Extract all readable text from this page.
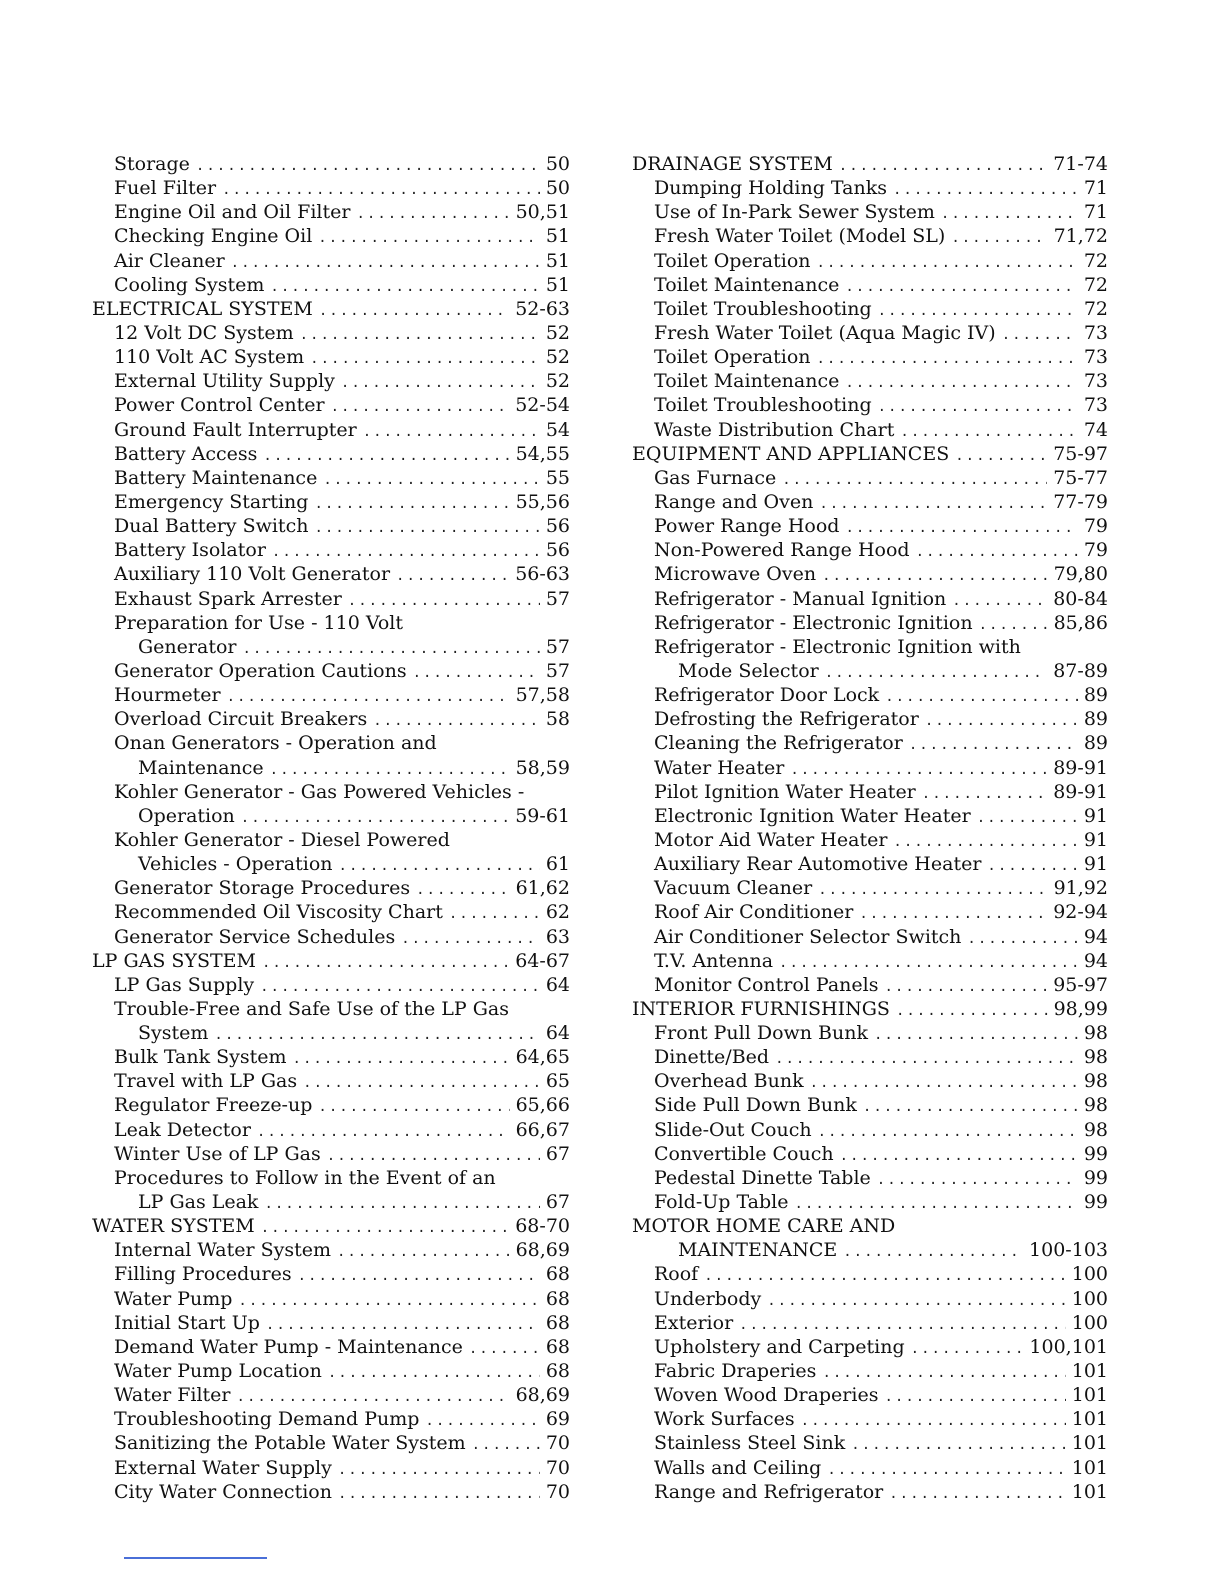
Storage .....	50
Fuel Filter .....	50
Engine Oil and Oil Filter .....	50,51
Checking Engine Oil .....	51
Air Cleaner .....	51
Cooling System .....	51
ELECTRICAL SYSTEM .....	52-63
12 Volt DC System .....	52
110 Volt AC System .....	52
External Utility Supply .....	52
Power Control Center .....	52-54
Ground Fault Interrupter .....	54
Battery Access .....	54,55
Battery Maintenance .....	55
Emergency Starting .....	55,56
Dual Battery Switch .....	56
Battery Isolator .....	56
Auxiliary 110 Volt Generator .....	56-63
Exhaust Spark Arrester .....	57
Preparation for Use - 110 Volt
Generator .....	57
Generator Operation Cautions .....	57
Hourmeter .....	57,58
Overload Circuit Breakers .....	58
Onan Generators - Operation and
Maintenance .....	58,59
Kohler Generator - Gas Powered Vehicles -
Operation .....	59-61
Kohler Generator - Diesel Powered
Vehicles - Operation .....	61
Generator Storage Procedures .....	61,62
Recommended Oil Viscosity Chart .....	62
Generator Service Schedules .....	63
LP GAS SYSTEM .....	64-67
LP Gas Supply .....	64
Trouble-Free and Safe Use of the LP Gas
System .....	64
Bulk Tank System .....	64,65
Travel with LP Gas .....	65
Regulator Freeze-up .....	65,66
Leak Detector .....	66,67
Winter Use of LP Gas .....	67
Procedures to Follow in the Event of an
LP Gas Leak .....	67
WATER SYSTEM .....	68-70
Internal Water System .....	68,69
Filling Procedures .....	68
Water Pump .....	68
Initial Start Up .....	68
Demand Water Pump - Maintenance .....	68
Water Pump Location .....	68
Water Filter .....	68,69
Troubleshooting Demand Pump .....	69
Sanitizing the Potable Water System .....	70
External Water Supply .....	70
City Water Connection .....	70
DRAINAGE SYSTEM .....	71-74
Dumping Holding Tanks .....	71
Use of In-Park Sewer System .....	71
Fresh Water Toilet (Model SL) .....	71,72
Toilet Operation .....	72
Toilet Maintenance .....	72
Toilet Troubleshooting .....	72
Fresh Water Toilet (Aqua Magic IV) .....	73
Toilet Operation .....	73
Toilet Maintenance .....	73
Toilet Troubleshooting .....	73
Waste Distribution Chart .....	74
EQUIPMENT AND APPLIANCES .....	75-97
Gas Furnace .....	75-77
Range and Oven .....	77-79
Power Range Hood .....	79
Non-Powered Range Hood .....	79
Microwave Oven .....	79,80
Refrigerator - Manual Ignition .....	80-84
Refrigerator - Electronic Ignition .....	85,86
Refrigerator - Electronic Ignition with
Mode Selector .....	87-89
Refrigerator Door Lock .....	89
Defrosting the Refrigerator .....	89
Cleaning the Refrigerator .....	89
Water Heater .....	89-91
Pilot Ignition Water Heater .....	89-91
Electronic Ignition Water Heater .....	91
Motor Aid Water Heater .....	91
Auxiliary Rear Automotive Heater .....	91
Vacuum Cleaner .....	91,92
Roof Air Conditioner .....	92-94
Air Conditioner Selector Switch .....	94
T.V. Antenna .....	94
Monitor Control Panels .....	95-97
INTERIOR FURNISHINGS .....	98,99
Front Pull Down Bunk .....	98
Dinette/Bed .....	98
Overhead Bunk .....	98
Side Pull Down Bunk .....	98
Slide-Out Couch .....	98
Convertible Couch .....	99
Pedestal Dinette Table .....	99
Fold-Up Table .....	99
MOTOR HOME CARE AND
MAINTENANCE .....	100-103
Roof .....	100
Underbody .....	100
Exterior .....	100
Upholstery and Carpeting .....	100,101
Fabric Draperies .....	101
Woven Wood Draperies .....	101
Work Surfaces .....	101
Stainless Steel Sink .....	101
Walls and Ceiling .....	101
Range and Refrigerator .....	101
